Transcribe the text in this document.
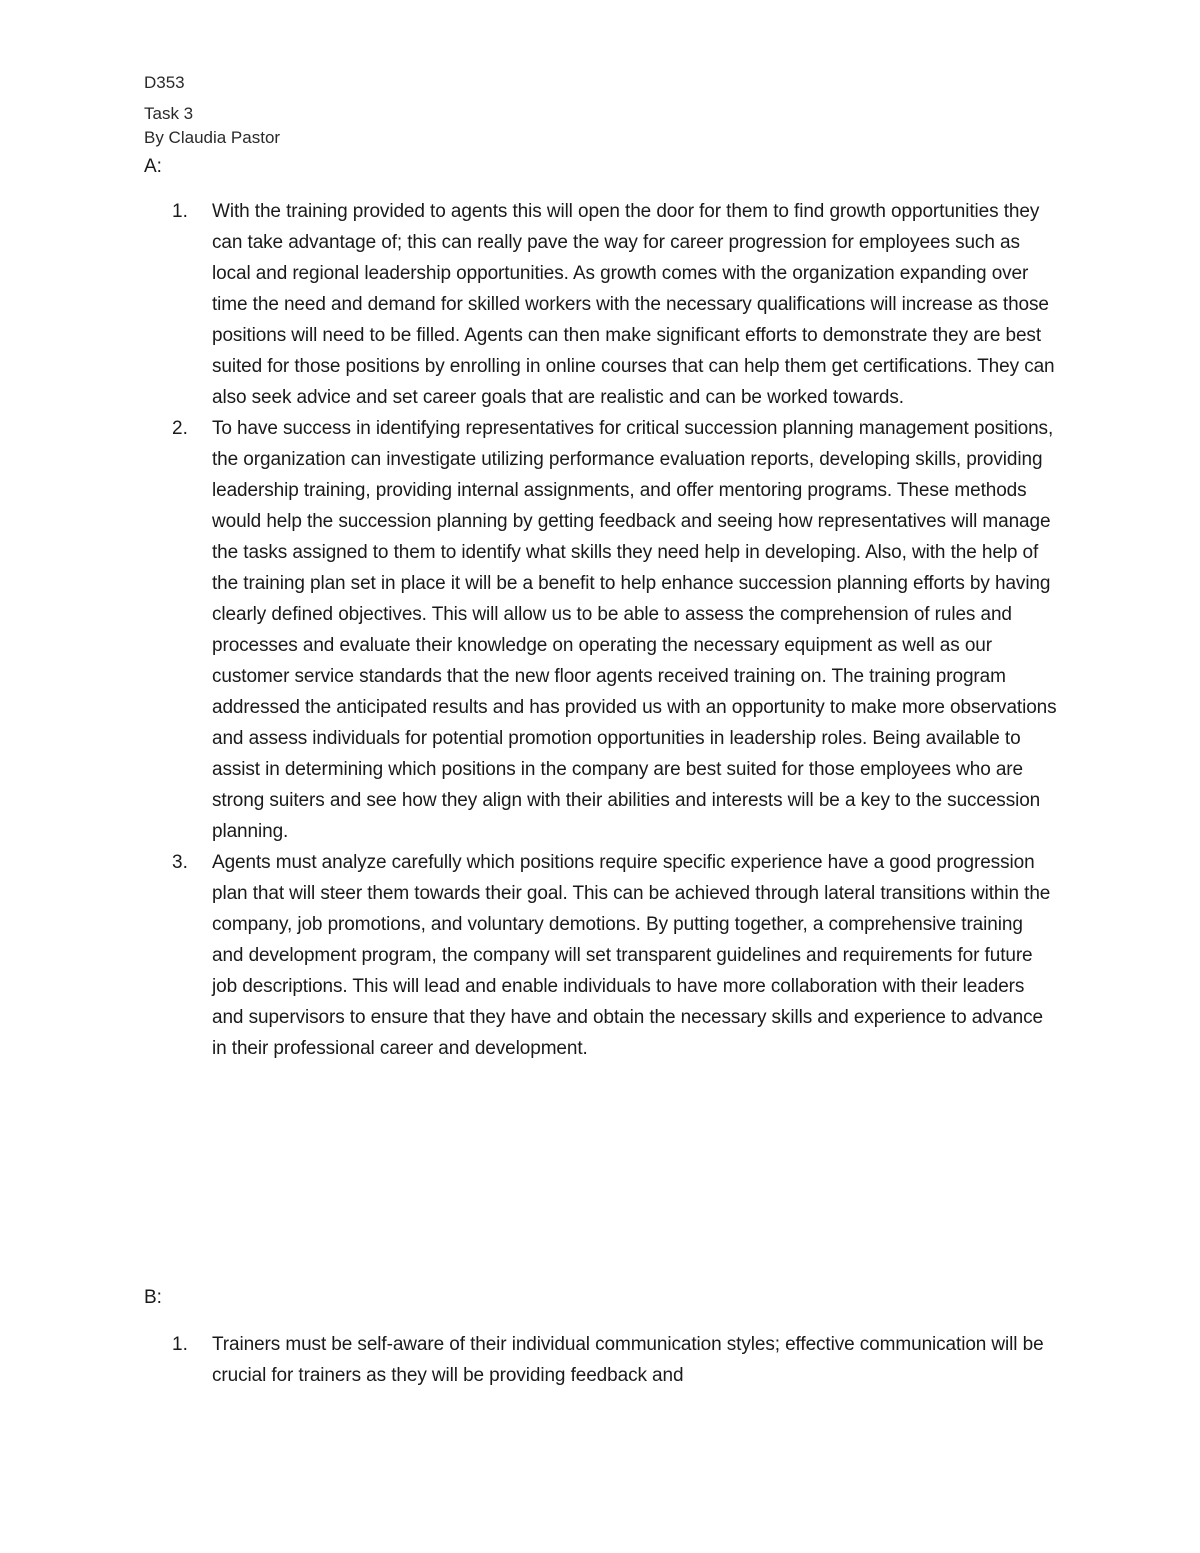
D353
Task 3
By Claudia Pastor
A:
1. With the training provided to agents this will open the door for them to find growth opportunities they can take advantage of; this can really pave the way for career progression for employees such as local and regional leadership opportunities. As growth comes with the organization expanding over time the need and demand for skilled workers with the necessary qualifications will increase as those positions will need to be filled. Agents can then make significant efforts to demonstrate they are best suited for those positions by enrolling in online courses that can help them get certifications. They can also seek advice and set career goals that are realistic and can be worked towards.

2. To have success in identifying representatives for critical succession planning management positions, the organization can investigate utilizing performance evaluation reports, developing skills, providing leadership training, providing internal assignments, and offer mentoring programs. These methods would help the succession planning by getting feedback and seeing how representatives will manage the tasks assigned to them to identify what skills they need help in developing. Also, with the help of the training plan set in place it will be a benefit to help enhance succession planning efforts by having clearly defined objectives. This will allow us to be able to assess the comprehension of rules and processes and evaluate their knowledge on operating the necessary equipment as well as our customer service standards that the new floor agents received training on. The training program addressed the anticipated results and has provided us with an opportunity to make more observations and assess individuals for potential promotion opportunities in leadership roles. Being available to assist in determining which positions in the company are best suited for those employees who are strong suiters and see how they align with their abilities and interests will be a key to the succession planning.

3. Agents must analyze carefully which positions require specific experience have a good progression plan that will steer them towards their goal. This can be achieved through lateral transitions within the company, job promotions, and voluntary demotions. By putting together, a comprehensive training and development program, the company will set transparent guidelines and requirements for future job descriptions. This will lead and enable individuals to have more collaboration with their leaders and supervisors to ensure that they have and obtain the necessary skills and experience to advance in their professional career and development.

B:
1. Trainers must be self-aware of their individual communication styles; effective communication will be crucial for trainers as they will be providing feedback and
